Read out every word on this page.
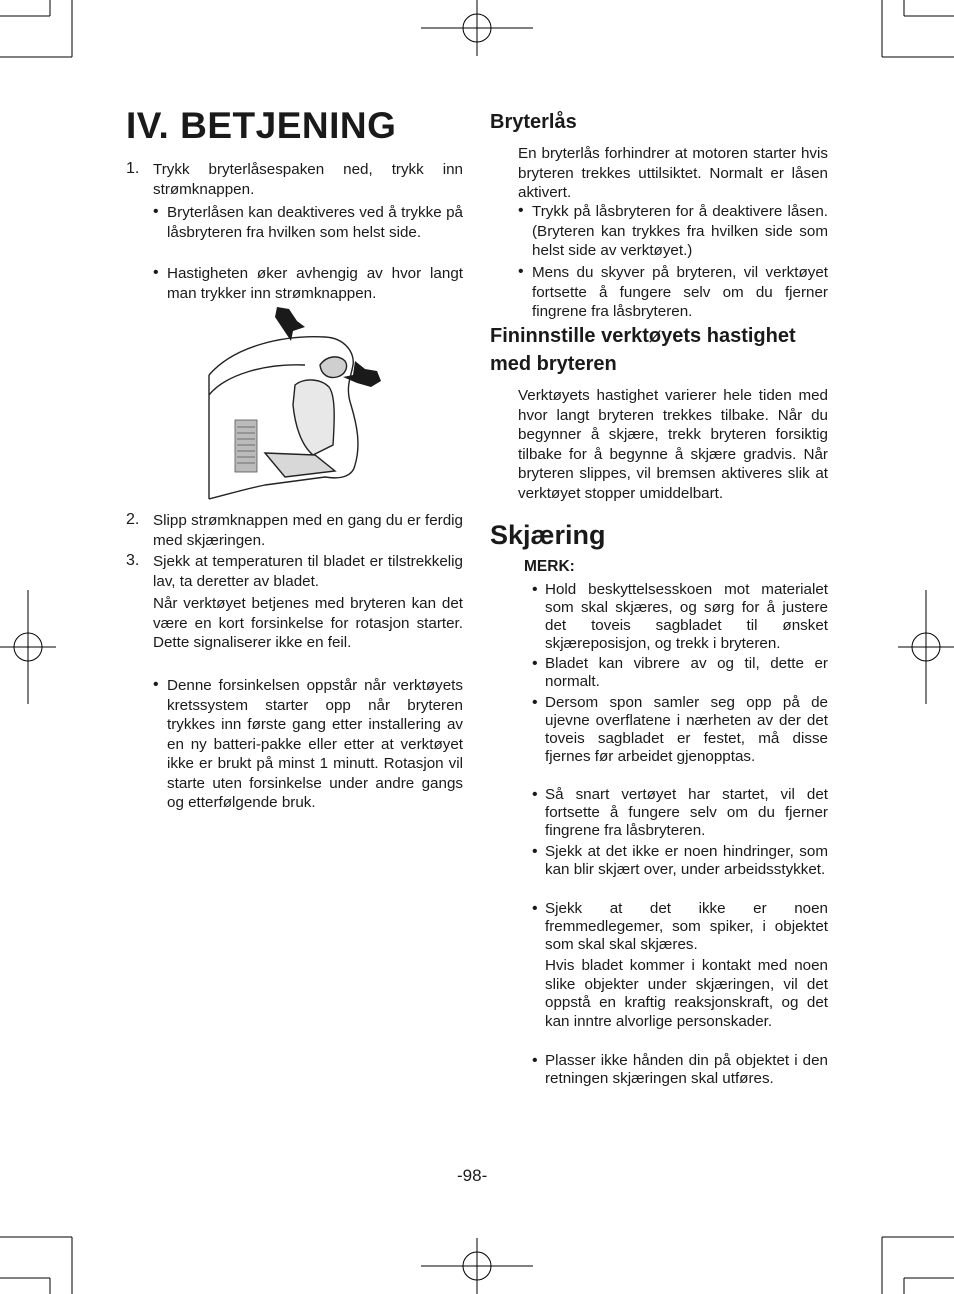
IV. BETJENING
1. Trykk bryterlåsespaken ned, trykk inn strømknappen.

• Bryterlåsen kan deaktiveres ved å trykke på låsbryteren fra hvilken som helst side.

• Hastigheten øker avhengig av hvor langt man trykker inn strømknappen.

2. Slipp strømknappen med en gang du er ferdig med skjæringen.

3. Sjekk at temperaturen til bladet er tilstrekkelig lav, ta deretter av bladet.

Når verktøyet betjenes med bryteren kan det være en kort forsinkelse for rotasjon starter. Dette signaliserer ikke en feil.

• Denne forsinkelsen oppstår når verktøyets kretssystem starter opp når bryteren trykkes inn første gang etter installering av en ny batteri-pakke eller etter at verktøyet ikke er brukt på minst 1 minutt. Rotasjon vil starte uten forsinkelse under andre gangs og etterfølgende bruk.

Bryterlås

En bryterlås forhindrer at motoren starter hvis bryteren trekkes uttilsiktet. Normalt er låsen aktivert.

• Trykk på låsbryteren for å deaktivere låsen. (Bryteren kan trykkes fra hvilken side som helst side av verktøyet.)

• Mens du skyver på bryteren, vil verktøyet fortsette å fungere selv om du fjerner fingrene fra låsbryteren.

Fininnstille verktøyets hastighet med bryteren

Verktøyets hastighet varierer hele tiden med hvor langt bryteren trekkes tilbake. Når du begynner å skjære, trekk bryteren forsiktig tilbake for å begynne å skjære gradvis. Når bryteren slippes, vil bremsen aktiveres slik at verktøyet stopper umiddelbart.

Skjæring

MERK:

• Hold beskyttelsesskoen mot materialet som skal skjæres, og sørg for å justere det toveis sagbladet til ønsket skjæreposisjon, og trekk i bryteren.

• Bladet kan vibrere av og til, dette er normalt.

• Dersom spon samler seg opp på de ujevne overflatene i nærheten av der det toveis sagbladet er festet, må disse fjernes før arbeidet gjenopptas.

• Så snart vertøyet har startet, vil det fortsette å fungere selv om du fjerner fingrene fra låsbryteren.

• Sjekk at det ikke er noen hindringer, som kan blir skjært over, under arbeidsstykket.

• Sjekk at det ikke er noen fremmedlegemer, som spiker, i objektet som skal skal skjæres.

Hvis bladet kommer i kontakt med noen slike objekter under skjæringen, vil det oppstå en kraftig reaksjonskraft, og det kan inntre alvorlige personskader.

• Plasser ikke hånden din på objektet i den retningen skjæringen skal utføres.

-98-
